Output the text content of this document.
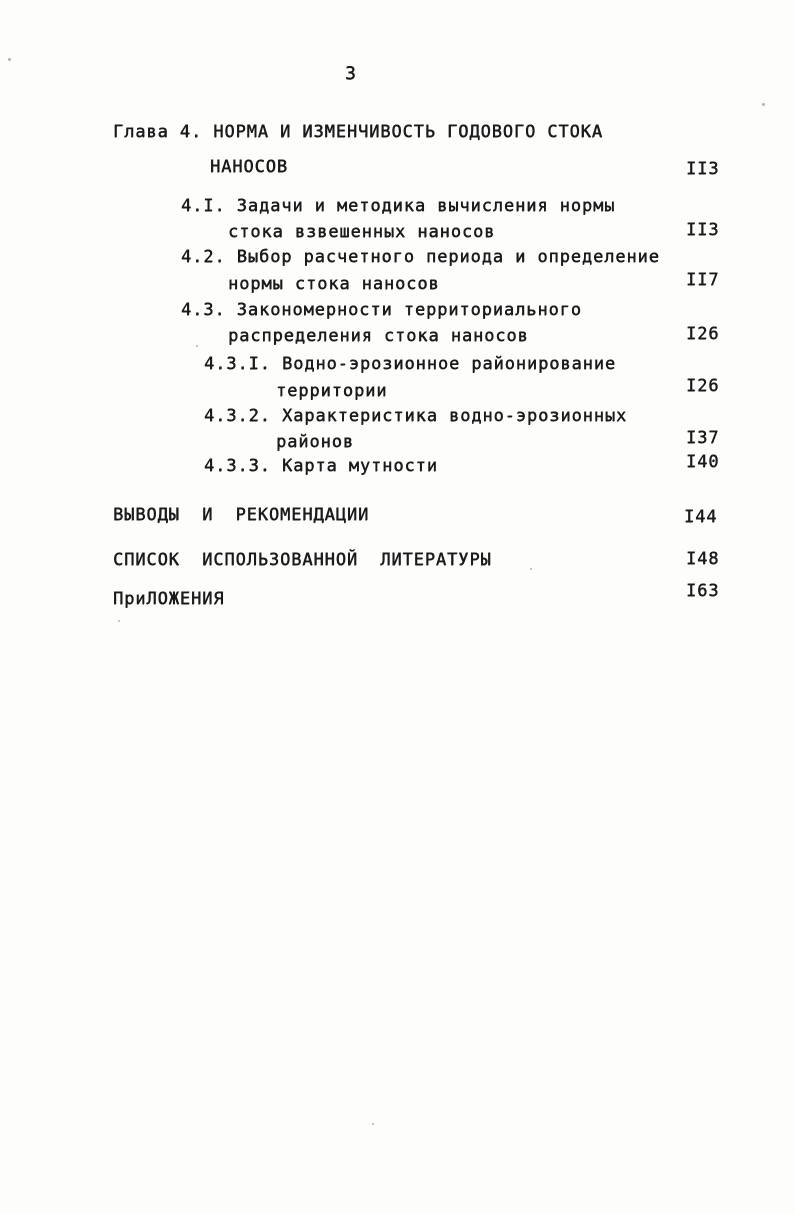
3
Глава 4. НОРМА И ИЗМЕНЧИВОСТЬ ГОДОВОГО СТОКА
НАНОСОВ	II3
4.I. Задачи и методика вычисления нормы
стока взвешенных наносов	II3
4.2. Выбор расчетного периода и определение
нормы стока наносов	II7
4.3. Закономерности территориального
распределения стока наносов	I26
4.3.I. Водно-эрозионное районирование
территории	I26
4.3.2. Характеристика водно-эрозионных
районов	I37
4.3.3. Карта мутности	I40
ВЫВОДЫ  И  РЕКОМЕНДАЦИИ	I44
СПИСОК  ИСПОЛЬЗОВАННОЙ  ЛИТЕРАТУРЫ	I48
ПриЛОЖЕНИЯ	I63
